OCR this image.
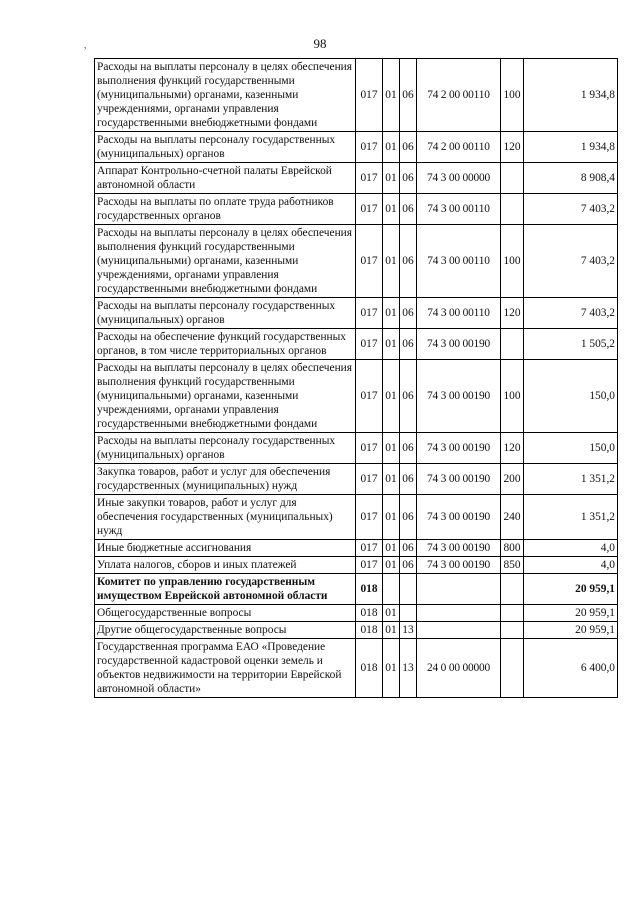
98
,
Расходы на выплаты персоналу в целях обеспечения выполнения функций государственными (муниципальными) органами, казенными учреждениями, органами управления государственными внебюджетными фондами	017	01	06	74 2 00 00110	100	1 934,8
Расходы на выплаты персоналу государственных (муниципальных) органов	017	01	06	74 2 00 00110	120	1 934,8
Аппарат Контрольно-счетной палаты Еврейской автономной области	017	01	06	74 3 00 00000		8 908,4
Расходы на выплаты по оплате труда работников государственных органов	017	01	06	74 3 00 00110		7 403,2
Расходы на выплаты персоналу в целях обеспечения выполнения функций государственными (муниципальными) органами, казенными учреждениями, органами управления государственными внебюджетными фондами	017	01	06	74 3 00 00110	100	7 403,2
Расходы на выплаты персоналу государственных (муниципальных) органов	017	01	06	74 3 00 00110	120	7 403,2
Расходы на обеспечение функций государственных органов, в том числе территориальных органов	017	01	06	74 3 00 00190		1 505,2
Расходы на выплаты персоналу в целях обеспечения выполнения функций государственными (муниципальными) органами, казенными учреждениями, органами управления государственными внебюджетными фондами	017	01	06	74 3 00 00190	100	150,0
Расходы на выплаты персоналу государственных (муниципальных) органов	017	01	06	74 3 00 00190	120	150,0
Закупка товаров, работ и услуг для обеспечения государственных (муниципальных) нужд	017	01	06	74 3 00 00190	200	1 351,2
Иные закупки товаров, работ и услуг для обеспечения государственных (муниципальных) нужд	017	01	06	74 3 00 00190	240	1 351,2
Иные бюджетные ассигнования	017	01	06	74 3 00 00190	800	4,0
Уплата налогов, сборов и иных платежей	017	01	06	74 3 00 00190	850	4,0
Комитет по управлению государственным имуществом Еврейской автономной области	018					20 959,1
Общегосударственные вопросы	018	01				20 959,1
Другие общегосударственные вопросы	018	01	13			20 959,1
Государственная программа ЕАО «Проведение государственной кадастровой оценки земель и объектов недвижимости на территории Еврейской автономной области»	018	01	13	24 0 00 00000		6 400,0
